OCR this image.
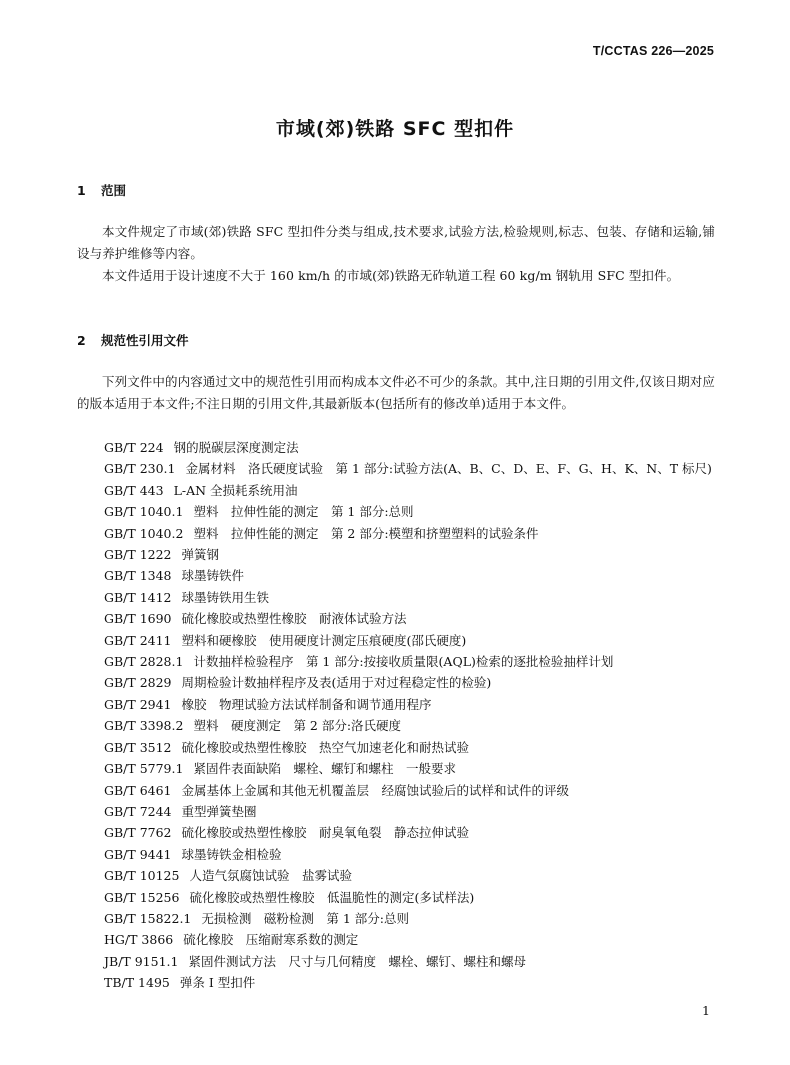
T/CCTAS 226—2025
市域(郊)铁路 SFC 型扣件
1 范围
本文件规定了市域(郊)铁路 SFC 型扣件分类与组成,技术要求,试验方法,检验规则,标志、包装、存储和运输,铺设与养护维修等内容。
本文件适用于设计速度不大于 160 km/h 的市域(郊)铁路无砟轨道工程 60 kg/m 钢轨用 SFC 型扣件。
2 规范性引用文件
下列文件中的内容通过文中的规范性引用而构成本文件必不可少的条款。其中,注日期的引用文件,仅该日期对应的版本适用于本文件;不注日期的引用文件,其最新版本(包括所有的修改单)适用于本文件。
GB/T 224 钢的脱碳层深度测定法
GB/T 230.1 金属材料　洛氏硬度试验　第 1 部分:试验方法(A、B、C、D、E、F、G、H、K、N、T 标尺)
GB/T 443 L-AN 全损耗系统用油
GB/T 1040.1 塑料　拉伸性能的测定　第 1 部分:总则
GB/T 1040.2 塑料　拉伸性能的测定　第 2 部分:模塑和挤塑塑料的试验条件
GB/T 1222 弹簧钢
GB/T 1348 球墨铸铁件
GB/T 1412 球墨铸铁用生铁
GB/T 1690 硫化橡胶或热塑性橡胶　耐液体试验方法
GB/T 2411 塑料和硬橡胶　使用硬度计测定压痕硬度(邵氏硬度)
GB/T 2828.1 计数抽样检验程序　第 1 部分:按接收质量限(AQL)检索的逐批检验抽样计划
GB/T 2829 周期检验计数抽样程序及表(适用于对过程稳定性的检验)
GB/T 2941 橡胶　物理试验方法试样制备和调节通用程序
GB/T 3398.2 塑料　硬度测定　第 2 部分:洛氏硬度
GB/T 3512 硫化橡胶或热塑性橡胶　热空气加速老化和耐热试验
GB/T 5779.1 紧固件表面缺陷　螺栓、螺钉和螺柱　一般要求
GB/T 6461 金属基体上金属和其他无机覆盖层　经腐蚀试验后的试样和试件的评级
GB/T 7244 重型弹簧垫圈
GB/T 7762 硫化橡胶或热塑性橡胶　耐臭氧龟裂　静态拉伸试验
GB/T 9441 球墨铸铁金相检验
GB/T 10125 人造气氛腐蚀试验　盐雾试验
GB/T 15256 硫化橡胶或热塑性橡胶　低温脆性的测定(多试样法)
GB/T 15822.1 无损检测　磁粉检测　第 1 部分:总则
HG/T 3866 硫化橡胶　压缩耐寒系数的测定
JB/T 9151.1 紧固件测试方法　尺寸与几何精度　螺栓、螺钉、螺柱和螺母
TB/T 1495 弹条 I 型扣件
1
